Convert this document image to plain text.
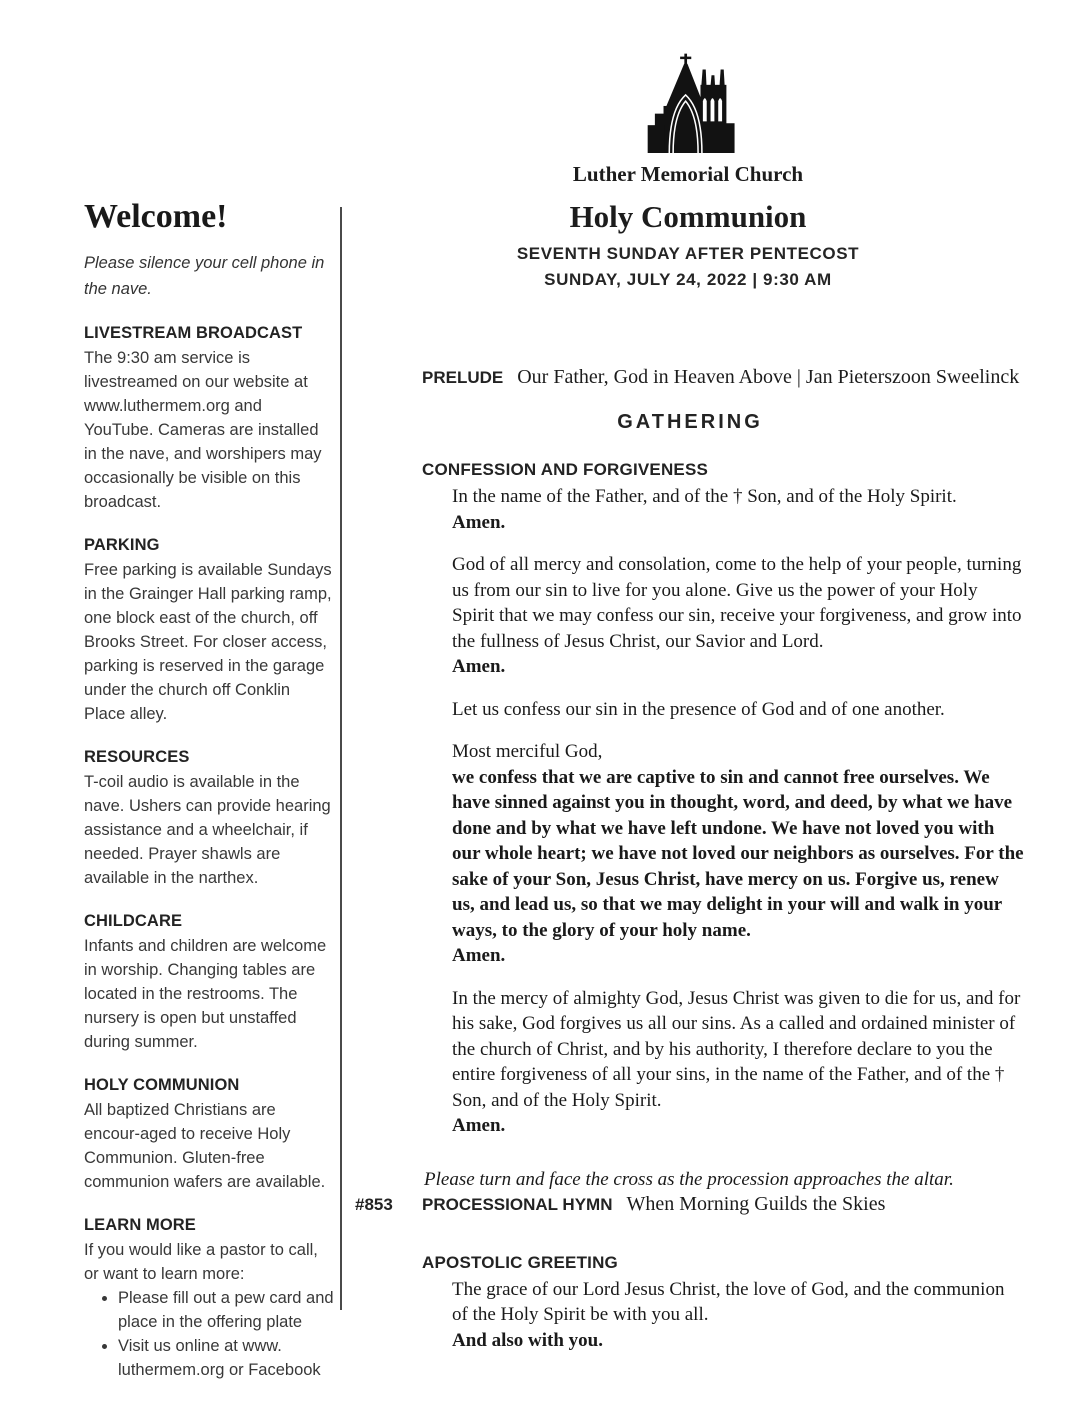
Luther Memorial Church
Holy Communion
SEVENTH SUNDAY AFTER PENTECOST
SUNDAY, JULY 24, 2022 | 9:30 AM
Welcome!

Please silence your cell phone in the nave.

LIVESTREAM BROADCAST

The 9:30 am service is livestreamed on our website at www.luthermem.org and YouTube. Cameras are installed in the nave, and worshipers may occasionally be visible on this broadcast.

PARKING

Free parking is available Sundays in the Grainger Hall parking ramp, one block east of the church, off Brooks Street. For closer access, parking is reserved in the garage under the church off Conklin Place alley.

RESOURCES

T-coil audio is available in the nave. Ushers can provide hearing assistance and a wheelchair, if needed. Prayer shawls are available in the narthex.

CHILDCARE

Infants and children are welcome in worship. Changing tables are located in the restrooms. The nursery is open but unstaffed during summer.

HOLY COMMUNION

All baptized Christians are encour-aged to receive Holy Communion. Gluten-free communion wafers are available.

LEARN MORE

If you would like a pastor to call, or want to learn more:

• Please fill out a pew card and place in the offering plate
• Visit us online at www. luthermem.org or Facebook

PRELUDE Our Father, God in Heaven Above | Jan Pieterszoon Sweelinck

GATHERING
CONFESSION AND FORGIVENESS

In the name of the Father, and of the † Son, and of the Holy Spirit.

Amen.

God of all mercy and consolation, come to the help of your people, turning us from our sin to live for you alone. Give us the power of your Holy Spirit that we may confess our sin, receive your forgiveness, and grow into the fullness of Jesus Christ, our Savior and Lord.

Amen.

Let us confess our sin in the presence of God and of one another.

Most merciful God,

we confess that we are captive to sin and cannot free ourselves. We have sinned against you in thought, word, and deed, by what we have done and by what we have left undone. We have not loved you with our whole heart; we have not loved our neighbors as ourselves. For the sake of your Son, Jesus Christ, have mercy on us. Forgive us, renew us, and lead us, so that we may delight in your will and walk in your ways, to the glory of your holy name.

Amen.

In the mercy of almighty God, Jesus Christ was given to die for us, and for his sake, God forgives us all our sins. As a called and ordained minister of the church of Christ, and by his authority, I therefore declare to you the entire forgiveness of all your sins, in the name of the Father, and of the † Son, and of the Holy Spirit.

Amen.

Please turn and face the cross as the procession approaches the altar.

#853 PROCESSIONAL HYMN When Morning Guilds the Skies
APOSTOLIC GREETING

The grace of our Lord Jesus Christ, the love of God, and the communion of the Holy Spirit be with you all.

And also with you.
